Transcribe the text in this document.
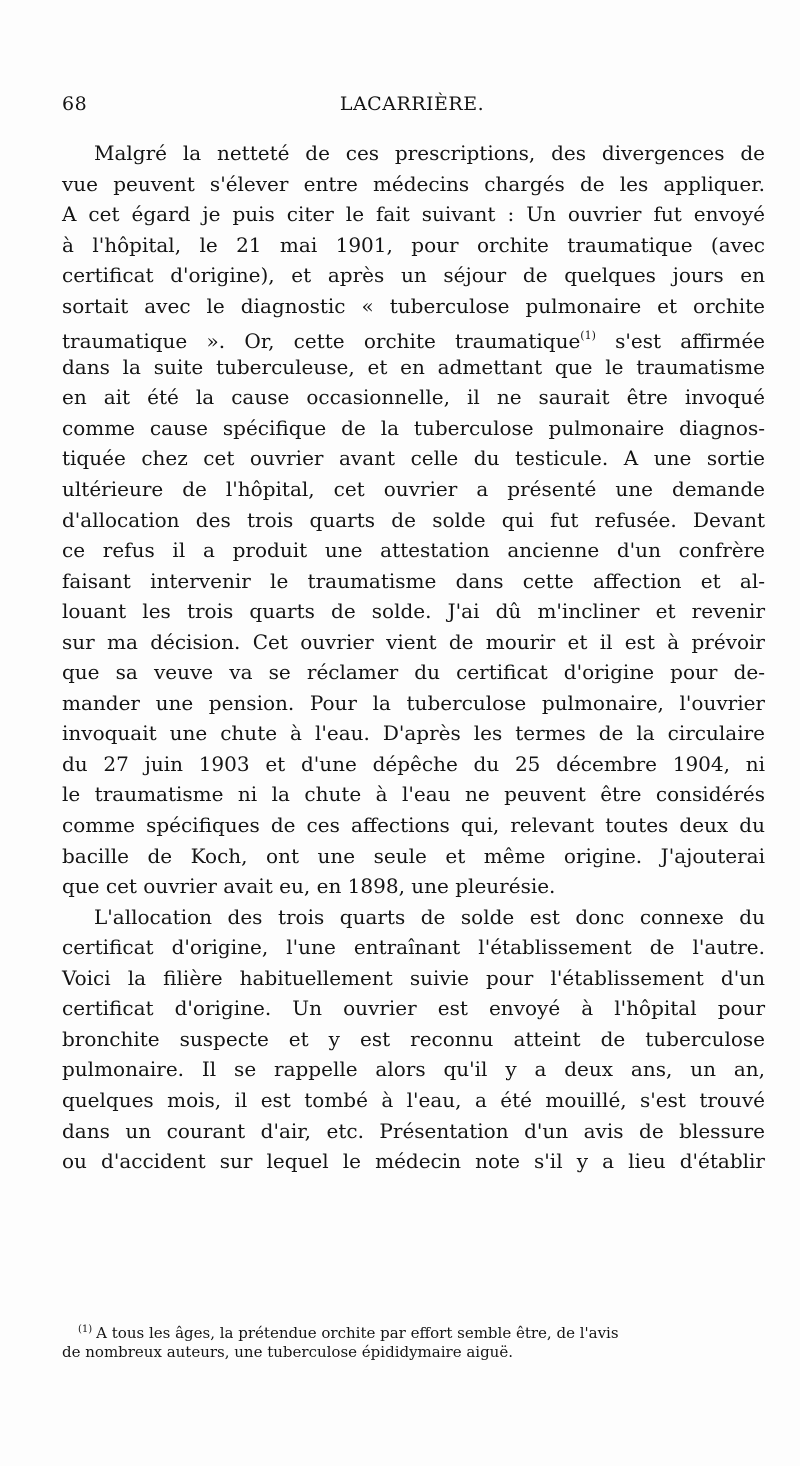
68	LACARRIÈRE.
Malgré la netteté de ces prescriptions, des divergences de
vue peuvent s'élever entre médecins chargés de les appliquer.
A cet égard je puis citer le fait suivant : Un ouvrier fut envoyé
à l'hôpital, le 21 mai 1901, pour orchite traumatique (avec
certificat d'origine), et après un séjour de quelques jours en
sortait avec le diagnostic « tuberculose pulmonaire et orchite
traumatique ». Or, cette orchite traumatique$^{(1)}$ s'est affirmée
dans la suite tuberculeuse, et en admettant que le traumatisme
en ait été la cause occasionnelle, il ne saurait être invoqué
comme cause spécifique de la tuberculose pulmonaire diagnos-
tiquée chez cet ouvrier avant celle du testicule. A une sortie
ultérieure de l'hôpital, cet ouvrier a présenté une demande
d'allocation des trois quarts de solde qui fut refusée. Devant
ce refus il a produit une attestation ancienne d'un confrère
faisant intervenir le traumatisme dans cette affection et al-
louant les trois quarts de solde. J'ai dû m'incliner et revenir
sur ma décision. Cet ouvrier vient de mourir et il est à prévoir
que sa veuve va se réclamer du certificat d'origine pour de-
mander une pension. Pour la tuberculose pulmonaire, l'ouvrier
invoquait une chute à l'eau. D'après les termes de la circulaire
du 27 juin 1903 et d'une dépêche du 25 décembre 1904, ni
le traumatisme ni la chute à l'eau ne peuvent être considérés
comme spécifiques de ces affections qui, relevant toutes deux du
bacille de Koch, ont une seule et même origine. J'ajouterai
que cet ouvrier avait eu, en 1898, une pleurésie.
L'allocation des trois quarts de solde est donc connexe du
certificat d'origine, l'une entraînant l'établissement de l'autre.
Voici la filière habituellement suivie pour l'établissement d'un
certificat d'origine. Un ouvrier est envoyé à l'hôpital pour
bronchite suspecte et y est reconnu atteint de tuberculose
pulmonaire. Il se rappelle alors qu'il y a deux ans, un an,
quelques mois, il est tombé à l'eau, a été mouillé, s'est trouvé
dans un courant d'air, etc. Présentation d'un avis de blessure
ou d'accident sur lequel le médecin note s'il y a lieu d'établir
$^{(1)}$ A tous les âges, la prétendue orchite par effort semble être, de l'avis
de nombreux auteurs, une tuberculose épididymaire aiguë.
